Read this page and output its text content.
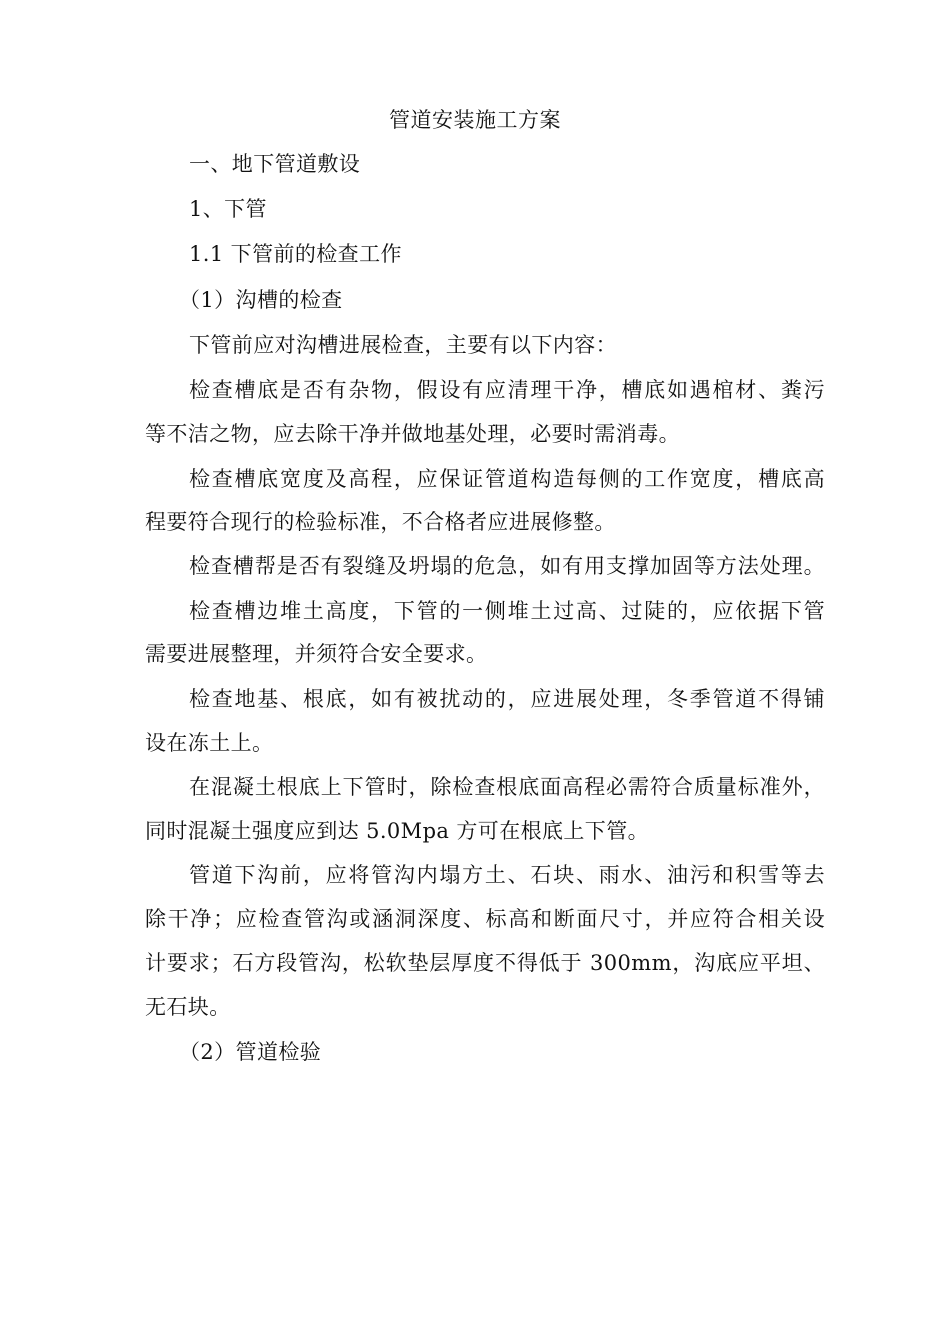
管道安装施工方案
一、地下管道敷设
1、下管
1.1 下管前的检查工作
（1）沟槽的检查
下管前应对沟槽进展检查，主要有以下内容：
检查槽底是否有杂物，假设有应清理干净，槽底如遇棺材、粪污
等不洁之物，应去除干净并做地基处理，必要时需消毒。
检查槽底宽度及高程，应保证管道构造每侧的工作宽度，槽底高
程要符合现行的检验标准，不合格者应进展修整。
检查槽帮是否有裂缝及坍塌的危急，如有用支撑加固等方法处理。
检查槽边堆土高度，下管的一侧堆土过高、过陡的，应依据下管
需要进展整理，并须符合安全要求。
检查地基、根底，如有被扰动的，应进展处理，冬季管道不得铺
设在冻土上。
在混凝土根底上下管时，除检查根底面高程必需符合质量标准外，
同时混凝土强度应到达 5.0Mpa 方可在根底上下管。
管道下沟前，应将管沟内塌方土、石块、雨水、油污和积雪等去
除干净；应检查管沟或涵洞深度、标高和断面尺寸，并应符合相关设
计要求；石方段管沟，松软垫层厚度不得低于 300mm，沟底应平坦、
无石块。
（2）管道检验
